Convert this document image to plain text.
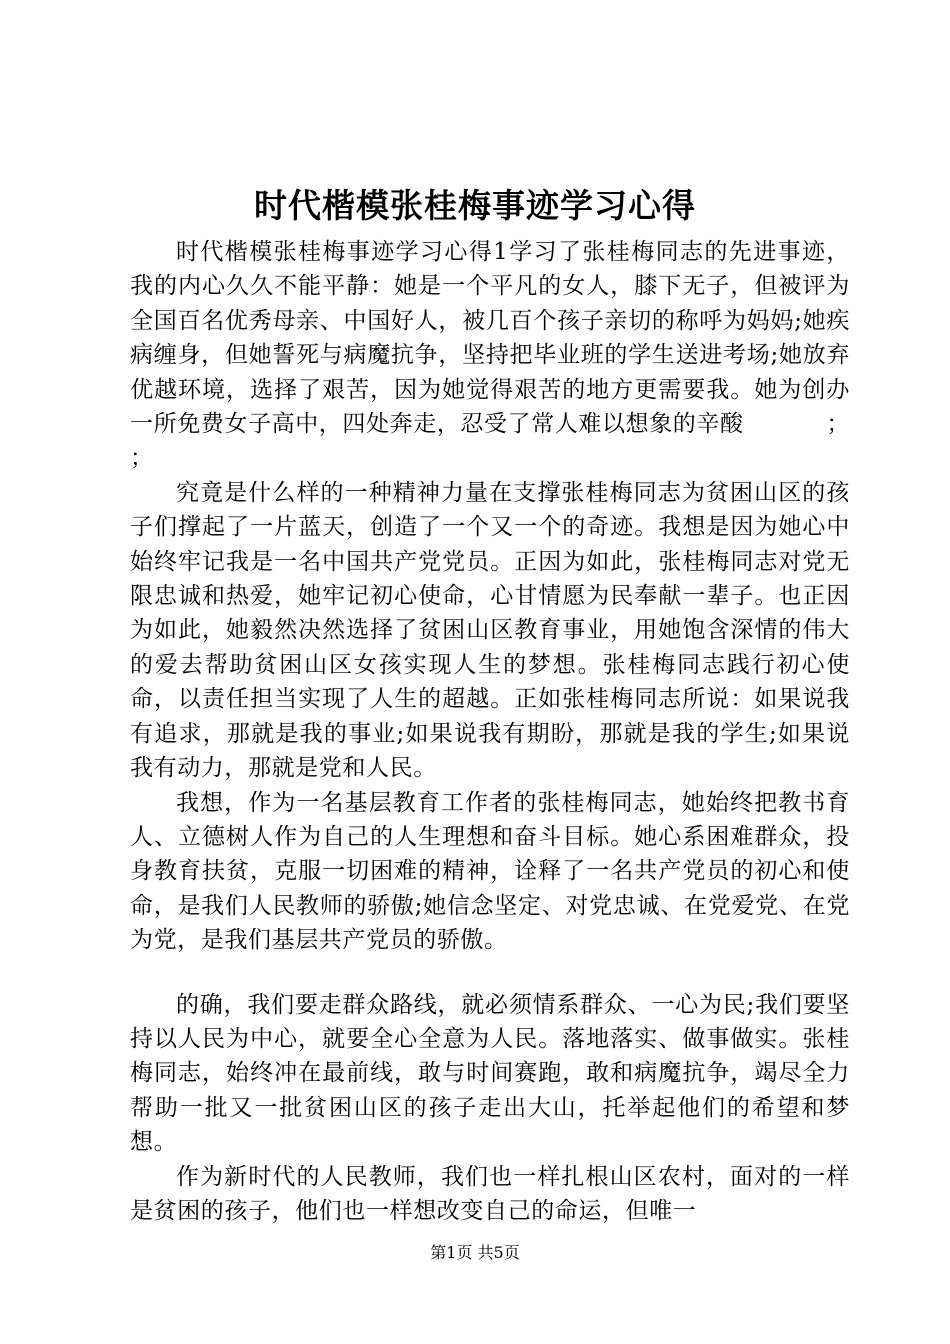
时代楷模张桂梅事迹学习心得

时代楷模张桂梅事迹学习心得1学习了张桂梅同志的先进事迹，我的内心久久不能平静：她是一个平凡的女人，膝下无子，但被评为全国百名优秀母亲、中国好人，被几百个孩子亲切的称呼为妈妈;她疾病缠身，但她誓死与病魔抗争，坚持把毕业班的学生送进考场;她放弃优越环境，选择了艰苦，因为她觉得艰苦的地方更需要我。她为创办一所免费女子高中，四处奔走，忍受了常人难以想象的辛酸	；

；

究竟是什么样的一种精神力量在支撑张桂梅同志为贫困山区的孩子们撑起了一片蓝天，创造了一个又一个的奇迹。我想是因为她心中始终牢记我是一名中国共产党党员。正因为如此，张桂梅同志对党无限忠诚和热爱，她牢记初心使命，心甘情愿为民奉献一辈子。也正因为如此，她毅然决然选择了贫困山区教育事业，用她饱含深情的伟大的爱去帮助贫困山区女孩实现人生的梦想。张桂梅同志践行初心使命，以责任担当实现了人生的超越。正如张桂梅同志所说：如果说我有追求，那就是我的事业;如果说我有期盼，那就是我的学生;如果说我有动力，那就是党和人民。

我想，作为一名基层教育工作者的张桂梅同志，她始终把教书育人、立德树人作为自己的人生理想和奋斗目标。她心系困难群众，投身教育扶贫，克服一切困难的精神，诠释了一名共产党员的初心和使命，是我们人民教师的骄傲;她信念坚定、对党忠诚、在党爱党、在党为党，是我们基层共产党员的骄傲。

的确，我们要走群众路线，就必须情系群众、一心为民;我们要坚持以人民为中心，就要全心全意为人民。落地落实、做事做实。张桂梅同志，始终冲在最前线，敢与时间赛跑，敢和病魔抗争，竭尽全力帮助一批又一批贫困山区的孩子走出大山，托举起他们的希望和梦想。

作为新时代的人民教师，我们也一样扎根山区农村，面对的一样是贫困的孩子，他们也一样想改变自己的命运，但唯一

第1页 共5页
